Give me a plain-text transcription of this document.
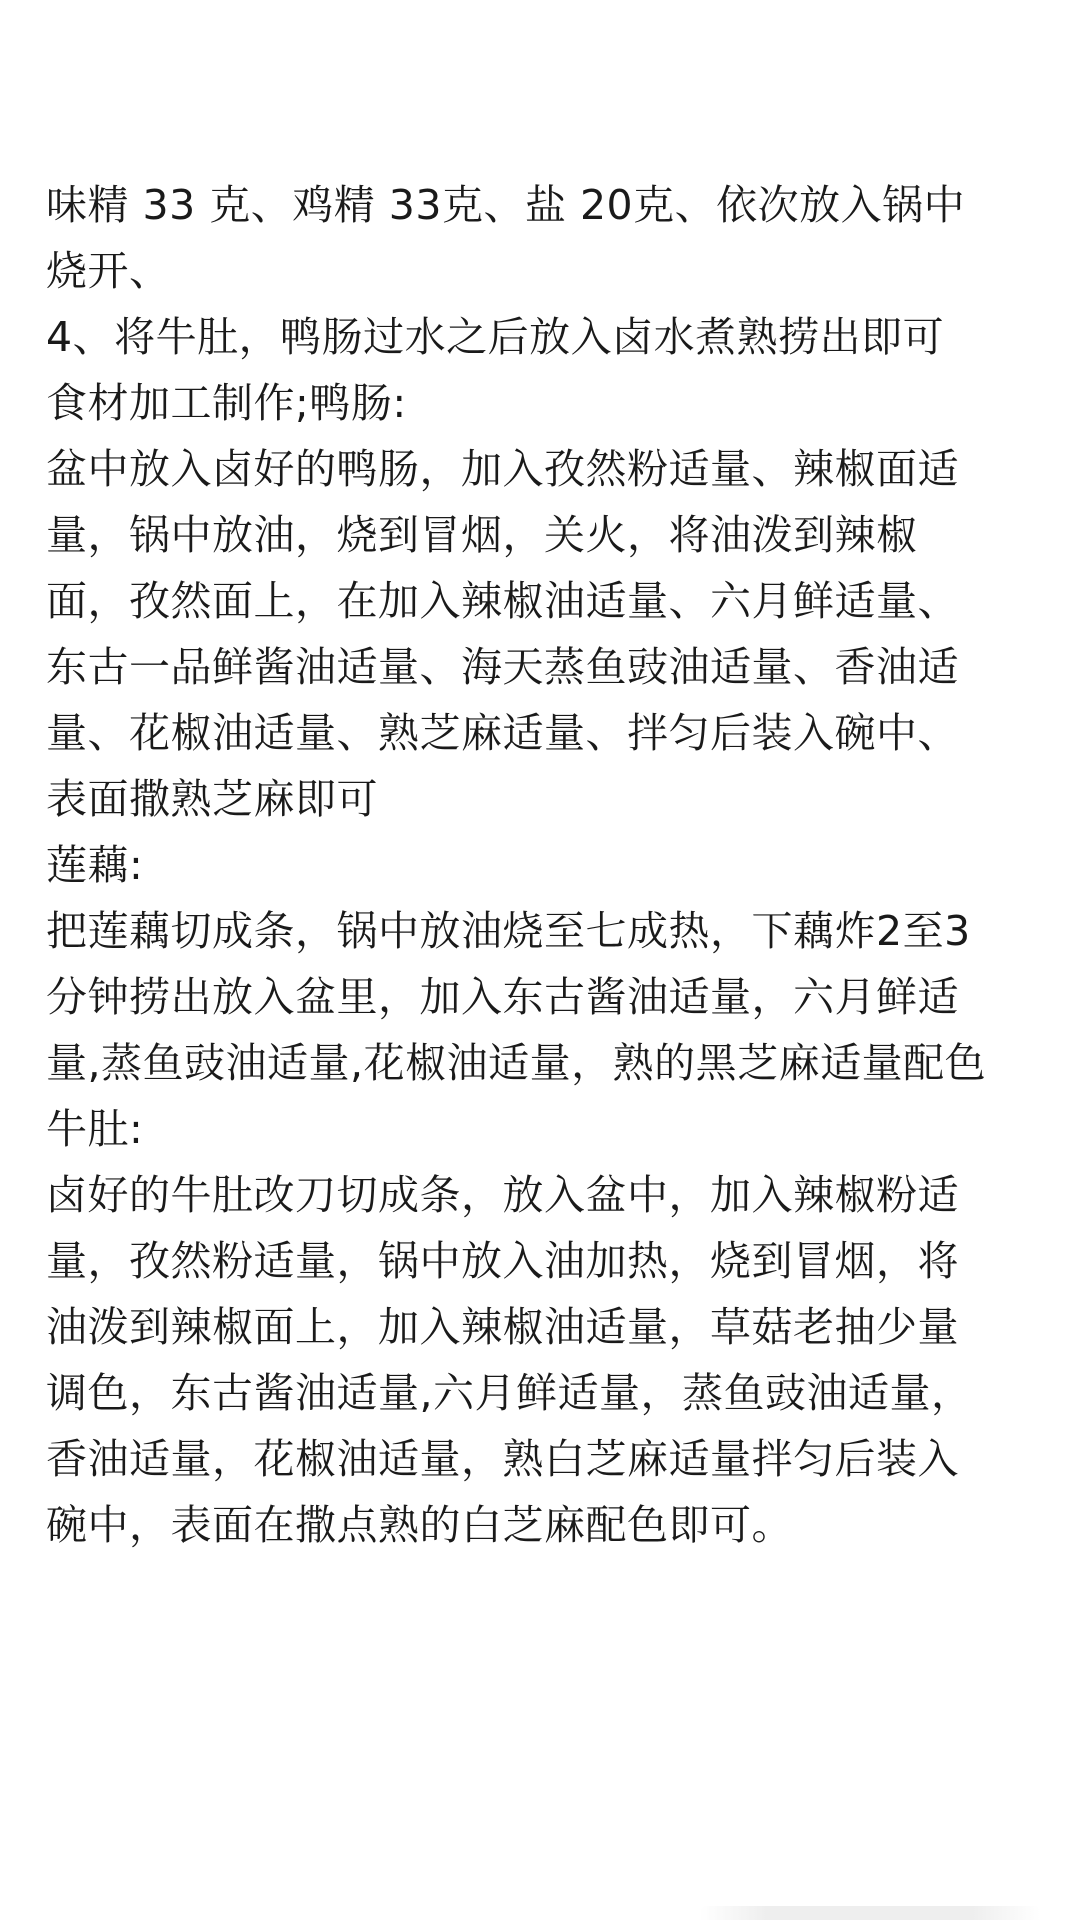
味精 33 克、鸡精 33克、盐 20克、依次放入锅中
烧开、
4、将牛肚，鸭肠过水之后放入卤水煮熟捞出即可
食材加工制作;鸭肠:
盆中放入卤好的鸭肠，加入孜然粉适量、辣椒面适
量，锅中放油，烧到冒烟，关火，将油泼到辣椒
面，孜然面上，在加入辣椒油适量、六月鲜适量、
东古一品鲜酱油适量、海天蒸鱼豉油适量、香油适
量、花椒油适量、熟芝麻适量、拌匀后装入碗中、
表面撒熟芝麻即可
莲藕:
把莲藕切成条，锅中放油烧至七成热，下藕炸2至3
分钟捞出放入盆里，加入东古酱油适量，六月鲜适
量,蒸鱼豉油适量,花椒油适量，熟的黑芝麻适量配色
牛肚:
卤好的牛肚改刀切成条，放入盆中，加入辣椒粉适
量，孜然粉适量，锅中放入油加热，烧到冒烟，将
油泼到辣椒面上，加入辣椒油适量，草菇老抽少量
调色，东古酱油适量,六月鲜适量，蒸鱼豉油适量，
香油适量，花椒油适量，熟白芝麻适量拌匀后装入
碗中，表面在撒点熟的白芝麻配色即可。
